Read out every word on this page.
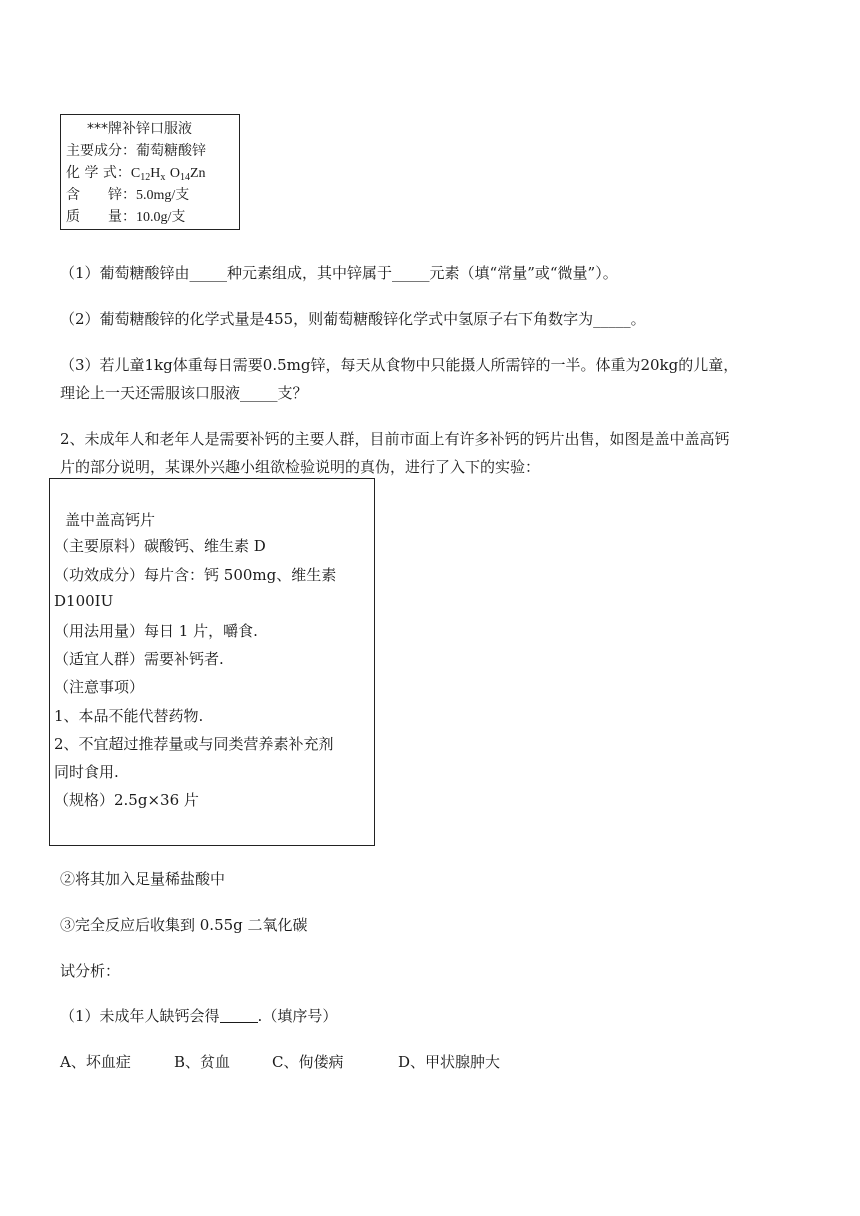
***牌补锌口服液
主要成分：葡萄糖酸锌
化 学 式：$C_{12}H_x$ $O_{14}Zn$
含　　锌：5.0mg/支
质　　量：10.0g/支
（1）葡萄糖酸锌由_____种元素组成，其中锌属于_____元素（填“常量”或“微量”）。
（2）葡萄糖酸锌的化学式量是455，则葡萄糖酸锌化学式中氢原子右下角数字为_____。
（3）若儿童1kg体重每日需要0.5mg锌，每天从食物中只能摄人所需锌的一半。体重为20kg的儿童，
理论上一天还需服该口服液_____支？
2、未成年人和老年人是需要补钙的主要人群，目前市面上有许多补钙的钙片出售，如图是盖中盖高钙
片的部分说明，某课外兴趣小组欲检验说明的真伪，进行了入下的实验：
盖中盖高钙片
（主要原料）碳酸钙、维生素 D
（功效成分）每片含：钙 500mg、维生素
D100IU
（用法用量）每日 1 片，嚼食.
（适宜人群）需要补钙者.
（注意事项）
1、本品不能代替药物.
2、不宜超过推荐量或与同类营养素补充剂
同时食用.
（规格）2.5g×36 片
②将其加入足量稀盐酸中
③完全反应后收集到 0.55g 二氧化碳
试分析：
（1）未成年人缺钙会得	.（填序号）
A、坏血症	B、贫血	C、佝偻病	D、甲状腺肿大
